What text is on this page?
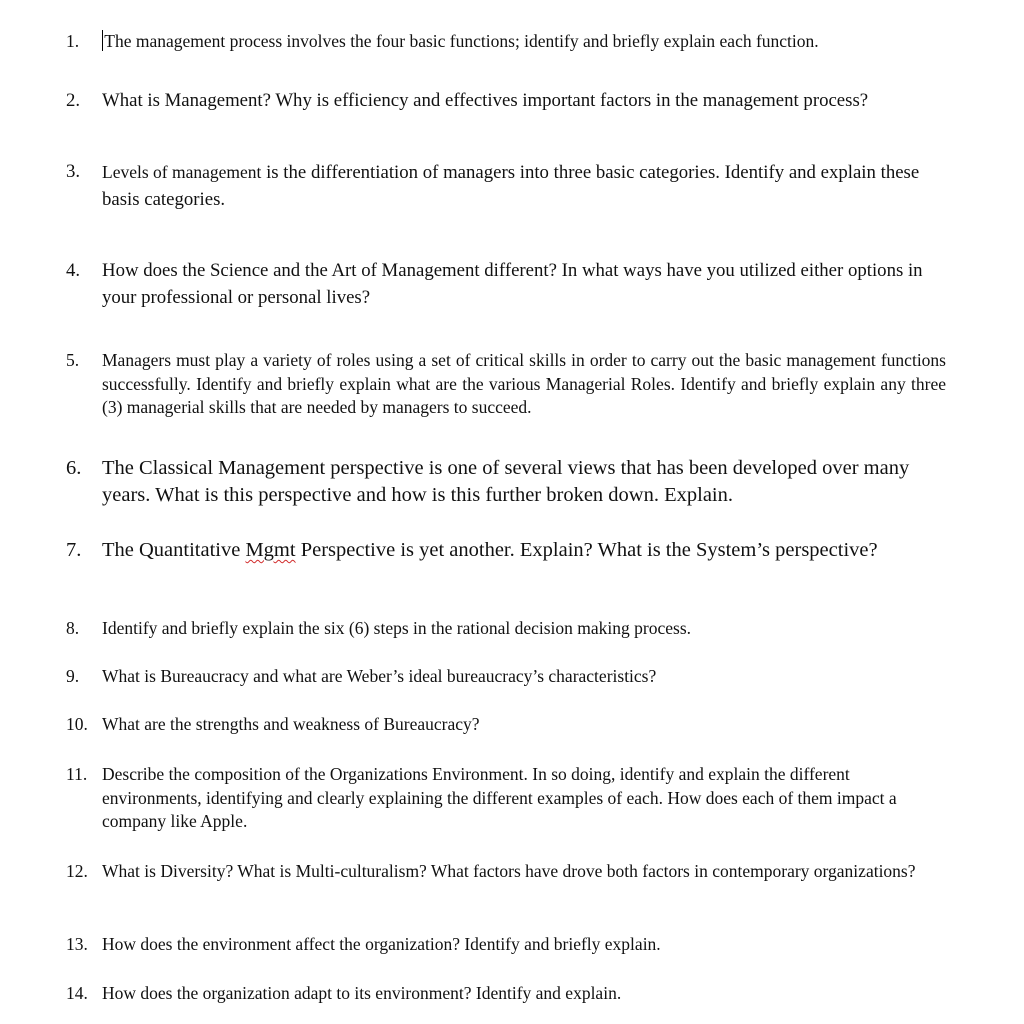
1. The management process involves the four basic functions; identify and briefly explain each function.

2. What is Management? Why is efficiency and effectives important factors in the management process?

3. Levels of management is the differentiation of managers into three basic categories. Identify and explain these basis categories.

4. How does the Science and the Art of Management different? In what ways have you utilized either options in your professional or personal lives?

5. Managers must play a variety of roles using a set of critical skills in order to carry out the basic management functions successfully. Identify and briefly explain what are the various Managerial Roles. Identify and briefly explain any three (3) managerial skills that are needed by managers to succeed.

6. The Classical Management perspective is one of several views that has been developed over many years. What is this perspective and how is this further broken down. Explain.

7. The Quantitative Mgmt Perspective is yet another. Explain? What is the System’s perspective?

8. Identify and briefly explain the six (6) steps in the rational decision making process.

9. What is Bureaucracy and what are Weber’s ideal bureaucracy’s characteristics?

10. What are the strengths and weakness of Bureaucracy?

11. Describe the composition of the Organizations Environment. In so doing, identify and explain the different environments, identifying and clearly explaining the different examples of each. How does each of them impact a company like Apple.

12. What is Diversity? What is Multi-culturalism? What factors have drove both factors in contemporary organizations?

13. How does the environment affect the organization? Identify and briefly explain.

14. How does the organization adapt to its environment? Identify and explain.
